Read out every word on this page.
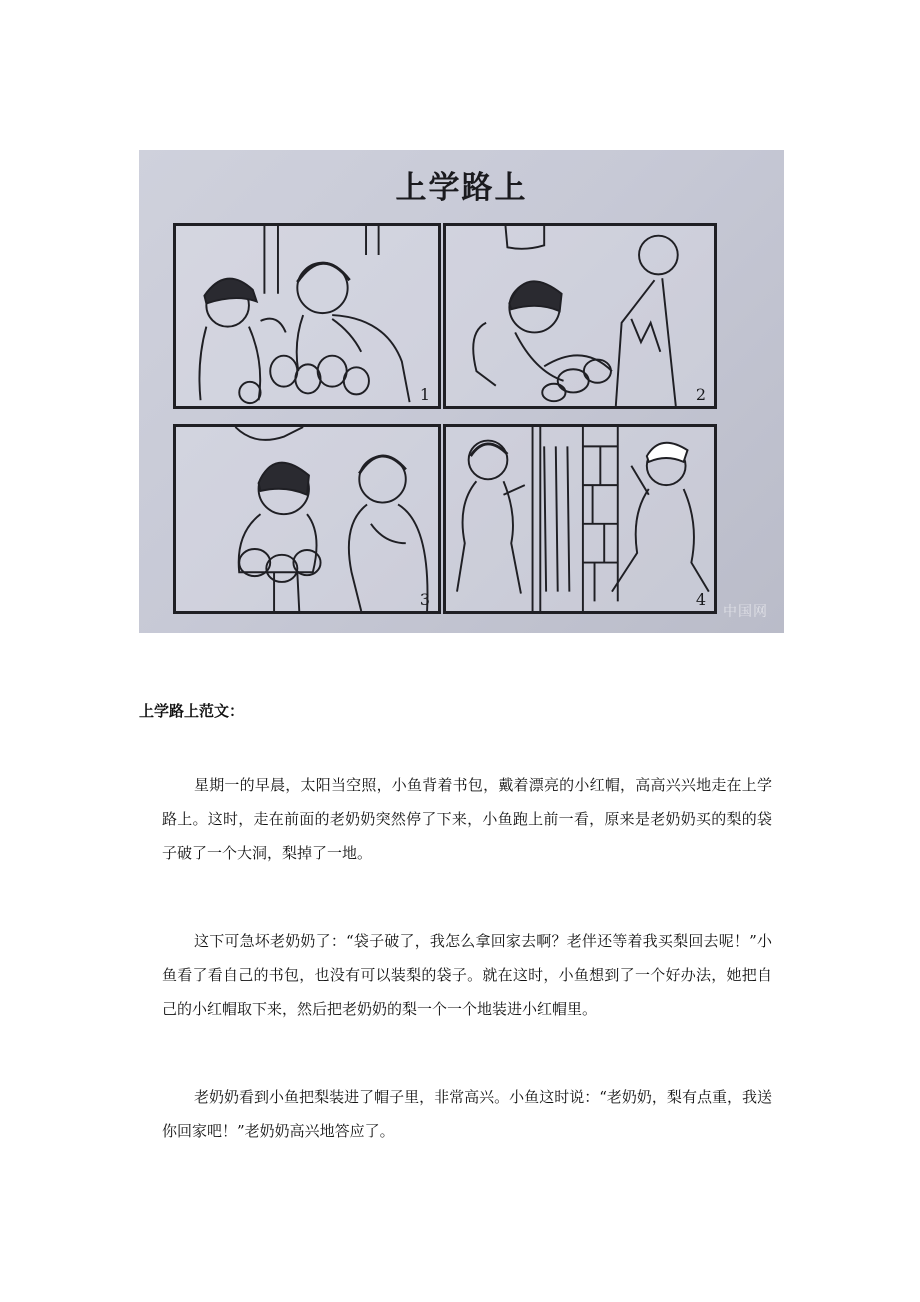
上学路上
1	2
3	4
中国网
上学路上范文：

星期一的早晨，太阳当空照，小鱼背着书包，戴着漂亮的小红帽，高高兴兴地走在上学路上。这时，走在前面的老奶奶突然停了下来，小鱼跑上前一看，原来是老奶奶买的梨的袋子破了一个大洞，梨掉了一地。

这下可急坏老奶奶了：“袋子破了，我怎么拿回家去啊？老伴还等着我买梨回去呢！”小鱼看了看自己的书包，也没有可以装梨的袋子。就在这时，小鱼想到了一个好办法，她把自己的小红帽取下来，然后把老奶奶的梨一个一个地装进小红帽里。

老奶奶看到小鱼把梨装进了帽子里，非常高兴。小鱼这时说：“老奶奶，梨有点重，我送你回家吧！”老奶奶高兴地答应了。
